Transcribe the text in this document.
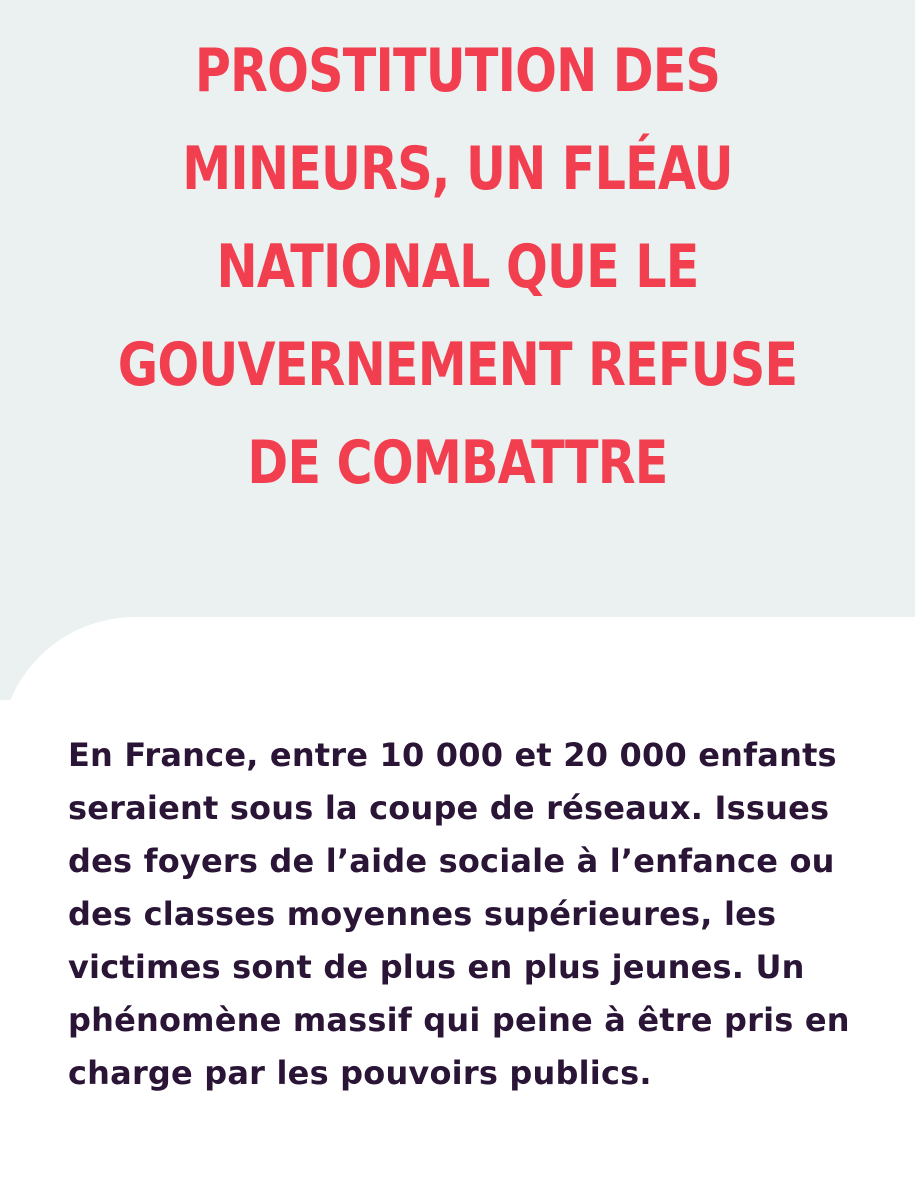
PROSTITUTION DES MINEURS, UN FLÉAU NATIONAL QUE LE GOUVERNEMENT REFUSE DE COMBATTRE

En France, entre 10 000 et 20 000 enfants seraient sous la coupe de réseaux. Issues des foyers de l’aide sociale à l’enfance ou des classes moyennes supérieures, les victimes sont de plus en plus jeunes. Un phénomène massif qui peine à être pris en charge par les pouvoirs publics.
